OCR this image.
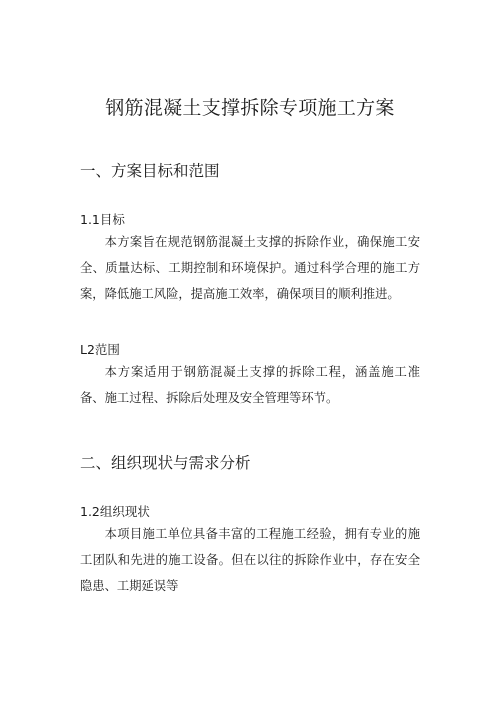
钢筋混凝土支撑拆除专项施工方案
一、方案目标和范围
1.1目标

本方案旨在规范钢筋混凝土支撑的拆除作业，确保施工安全、质量达标、工期控制和环境保护。通过科学合理的施工方案，降低施工风险，提高施工效率，确保项目的顺利推进。

L2范围

本方案适用于钢筋混凝土支撑的拆除工程，涵盖施工准备、施工过程、拆除后处理及安全管理等环节。

二、组织现状与需求分析
1.2组织现状

本项目施工单位具备丰富的工程施工经验，拥有专业的施工团队和先进的施工设备。但在以往的拆除作业中，存在安全隐患、工期延误等
